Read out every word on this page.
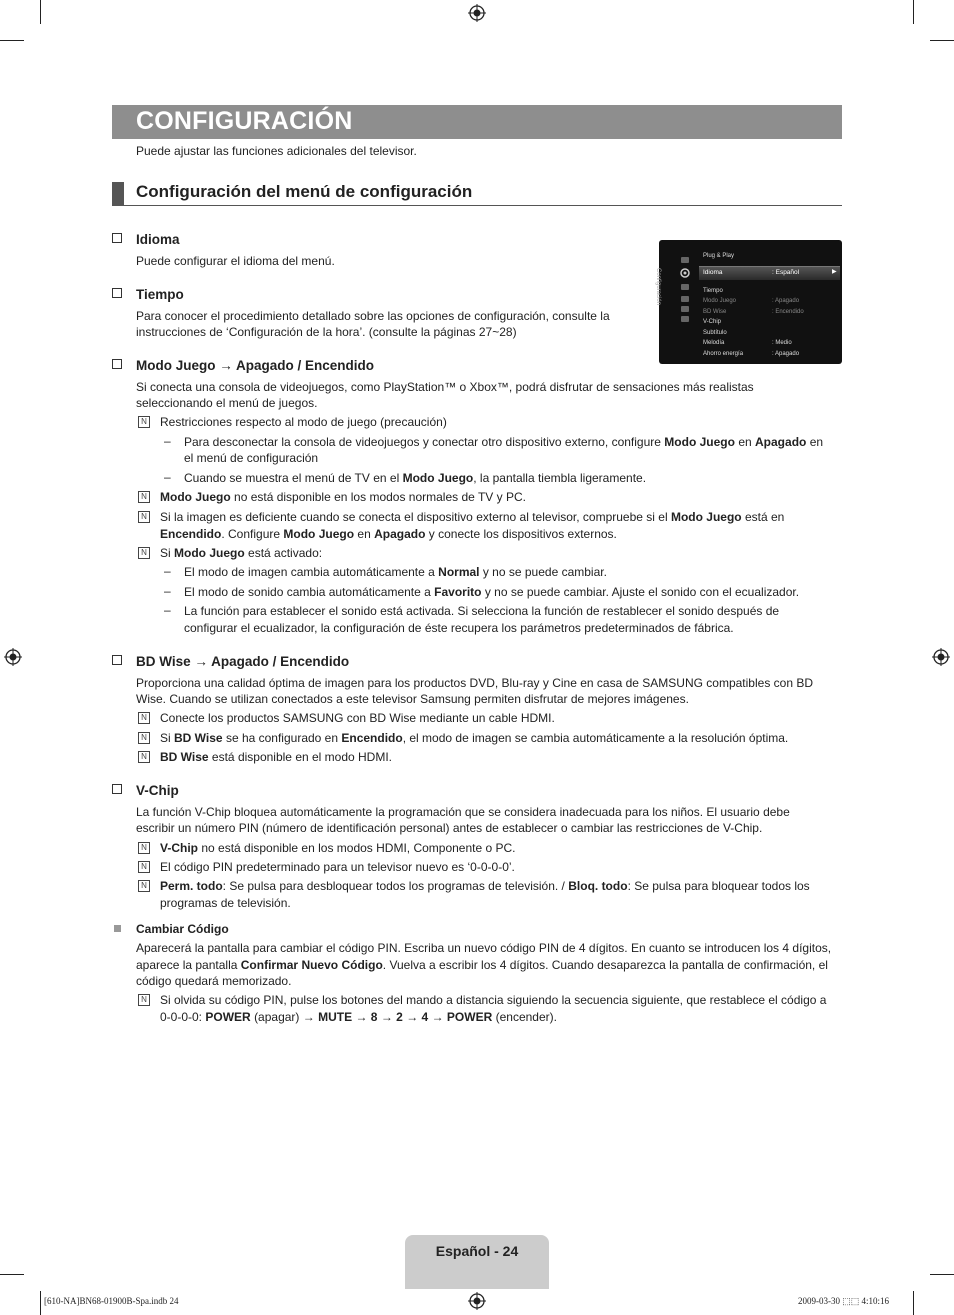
CONFIGURACIÓN
Puede ajustar las funciones adicionales del televisor.
Configuración del menú de configuración
Idioma
Puede configurar el idioma del menú.
Tiempo
Para conocer el procedimiento detallado sobre las opciones de configuración, consulte la
instrucciones de ‘Configuración de la hora’. (consulte la páginas 27~28)
Configuración
Plug & Play
Idioma	: Español	▶
Tiempo
Modo Juego	: Apagado
BD Wise	: Encendido
V-Chip
Subtítulo
Melodía	: Medio
Ahorro energía	: Apagado
Modo Juego → Apagado / Encendido
Si conecta una consola de videojuegos, como PlayStation™ o Xbox™, podrá disfrutar de sensaciones más realistas
seleccionando el menú de juegos.
N Restricciones respecto al modo de juego (precaución)
– Para desconectar la consola de videojuegos y conectar otro dispositivo externo, configure Modo Juego en Apagado en
el menú de configuración
– Cuando se muestra el menú de TV en el Modo Juego, la pantalla tiembla ligeramente.
N Modo Juego no está disponible en los modos normales de TV y PC.
N Si la imagen es deficiente cuando se conecta el dispositivo externo al televisor, compruebe si el Modo Juego está en
Encendido. Configure Modo Juego en Apagado y conecte los dispositivos externos.
N Si Modo Juego está activado:
– El modo de imagen cambia automáticamente a Normal y no se puede cambiar.
– El modo de sonido cambia automáticamente a Favorito y no se puede cambiar. Ajuste el sonido con el ecualizador.
– La función para establecer el sonido está activada. Si selecciona la función de restablecer el sonido después de
configurar el ecualizador, la configuración de éste recupera los parámetros predeterminados de fábrica.
BD Wise → Apagado / Encendido
Proporciona una calidad óptima de imagen para los productos DVD, Blu-ray y Cine en casa de SAMSUNG compatibles con BD
Wise. Cuando se utilizan conectados a este televisor Samsung permiten disfrutar de mejores imágenes.
N Conecte los productos SAMSUNG con BD Wise mediante un cable HDMI.
N Si BD Wise se ha configurado en Encendido, el modo de imagen se cambia automáticamente a la resolución óptima.
N BD Wise está disponible en el modo HDMI.
V-Chip
La función V-Chip bloquea automáticamente la programación que se considera inadecuada para los niños. El usuario debe
escribir un número PIN (número de identificación personal) antes de establecer o cambiar las restricciones de V-Chip.
N V-Chip no está disponible en los modos HDMI, Componente o PC.
N El código PIN predeterminado para un televisor nuevo es ‘0-0-0-0’.
N Perm. todo: Se pulsa para desbloquear todos los programas de televisión. / Bloq. todo: Se pulsa para bloquear todos los
programas de televisión.
Cambiar Código
Aparecerá la pantalla para cambiar el código PIN. Escriba un nuevo código PIN de 4 dígitos. En cuanto se introducen los 4 dígitos,
aparece la pantalla Confirmar Nuevo Código. Vuelva a escribir los 4 dígitos. Cuando desaparezca la pantalla de confirmación, el
código quedará memorizado.
N Si olvida su código PIN, pulse los botones del mando a distancia siguiendo la secuencia siguiente, que restablece el código a
0-0-0-0: POWER (apagar) → MUTE → 8 → 2 → 4 → POWER (encender).
Español - 24
[610-NA]BN68-01900B-Spa.indb 24	2009-03-30 ⬚⬚ 4:10:16
